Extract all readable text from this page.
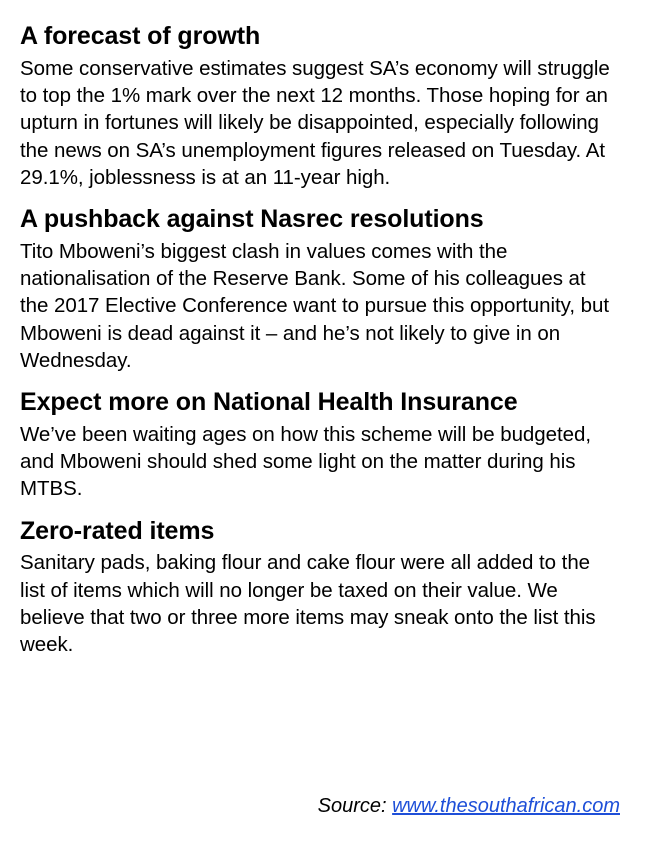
A forecast of growth

Some conservative estimates suggest SA’s economy will struggle to top the 1% mark over the next 12 months. Those hoping for an upturn in fortunes will likely be disappointed, especially following the news on SA’s unemployment figures released on Tuesday. At 29.1%, joblessness is at an 11-year high.

A pushback against Nasrec resolutions

Tito Mboweni’s biggest clash in values comes with the nationalisation of the Reserve Bank. Some of his colleagues at the 2017 Elective Conference want to pursue this opportunity, but Mboweni is dead against it – and he’s not likely to give in on Wednesday.

Expect more on National Health Insurance

We’ve been waiting ages on how this scheme will be budgeted, and Mboweni should shed some light on the matter during his MTBS.

Zero-rated items

Sanitary pads, baking flour and cake flour were all added to the list of items which will no longer be taxed on their value. We believe that two or three more items may sneak onto the list this week.

Source: www.thesouthafrican.com
